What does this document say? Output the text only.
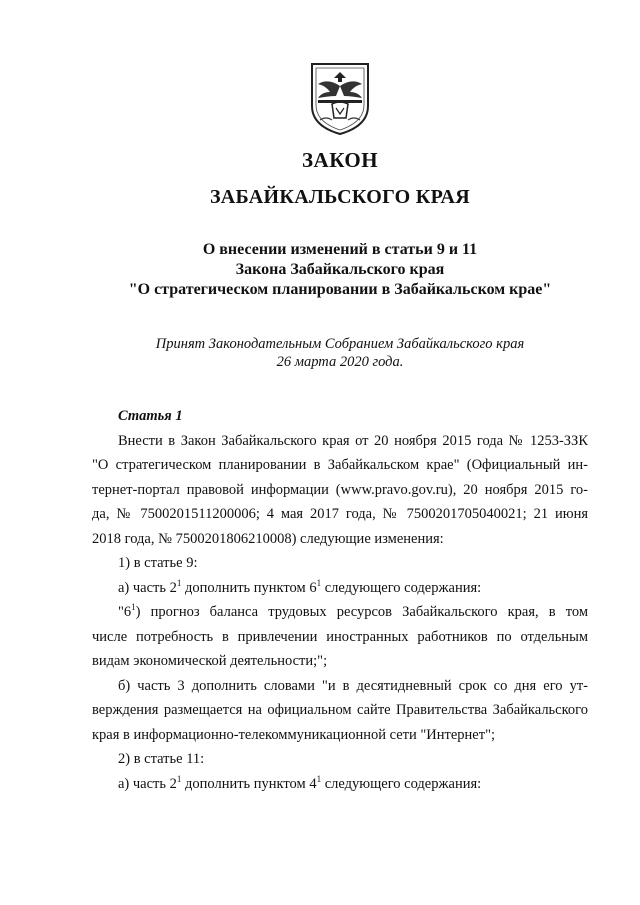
ЗАКОН
ЗАБАЙКАЛЬСКОГО КРАЯ
О внесении изменений в статьи 9 и 11
Закона Забайкальского края
"О стратегическом планировании в Забайкальском крае"
Принят Законодательным Собранием Забайкальского края
26 марта 2020 года.
Статья 1
Внести в Закон Забайкальского края от 20 ноября 2015 года № 1253-ЗЗК
"О стратегическом планировании в Забайкальском крае" (Официальный ин-
тернет-портал правовой информации (www.pravo.gov.ru), 20 ноября 2015 го-
да, № 7500201511200006; 4 мая 2017 года, № 7500201705040021; 21 июня
2018 года, № 7500201806210008) следующие изменения:
1) в статье 9:
а) часть $2^1$ дополнить пунктом $6^1$ следующего содержания:
"$6^1$) прогноз баланса трудовых ресурсов Забайкальского края, в том
числе потребность в привлечении иностранных работников по отдельным
видам экономической деятельности;";
б) часть 3 дополнить словами "и в десятидневный срок со дня его ут-
верждения размещается на официальном сайте Правительства Забайкальского
края в информационно-телекоммуникационной сети "Интернет";
2) в статье 11:
а) часть $2^1$ дополнить пунктом $4^1$ следующего содержания:
